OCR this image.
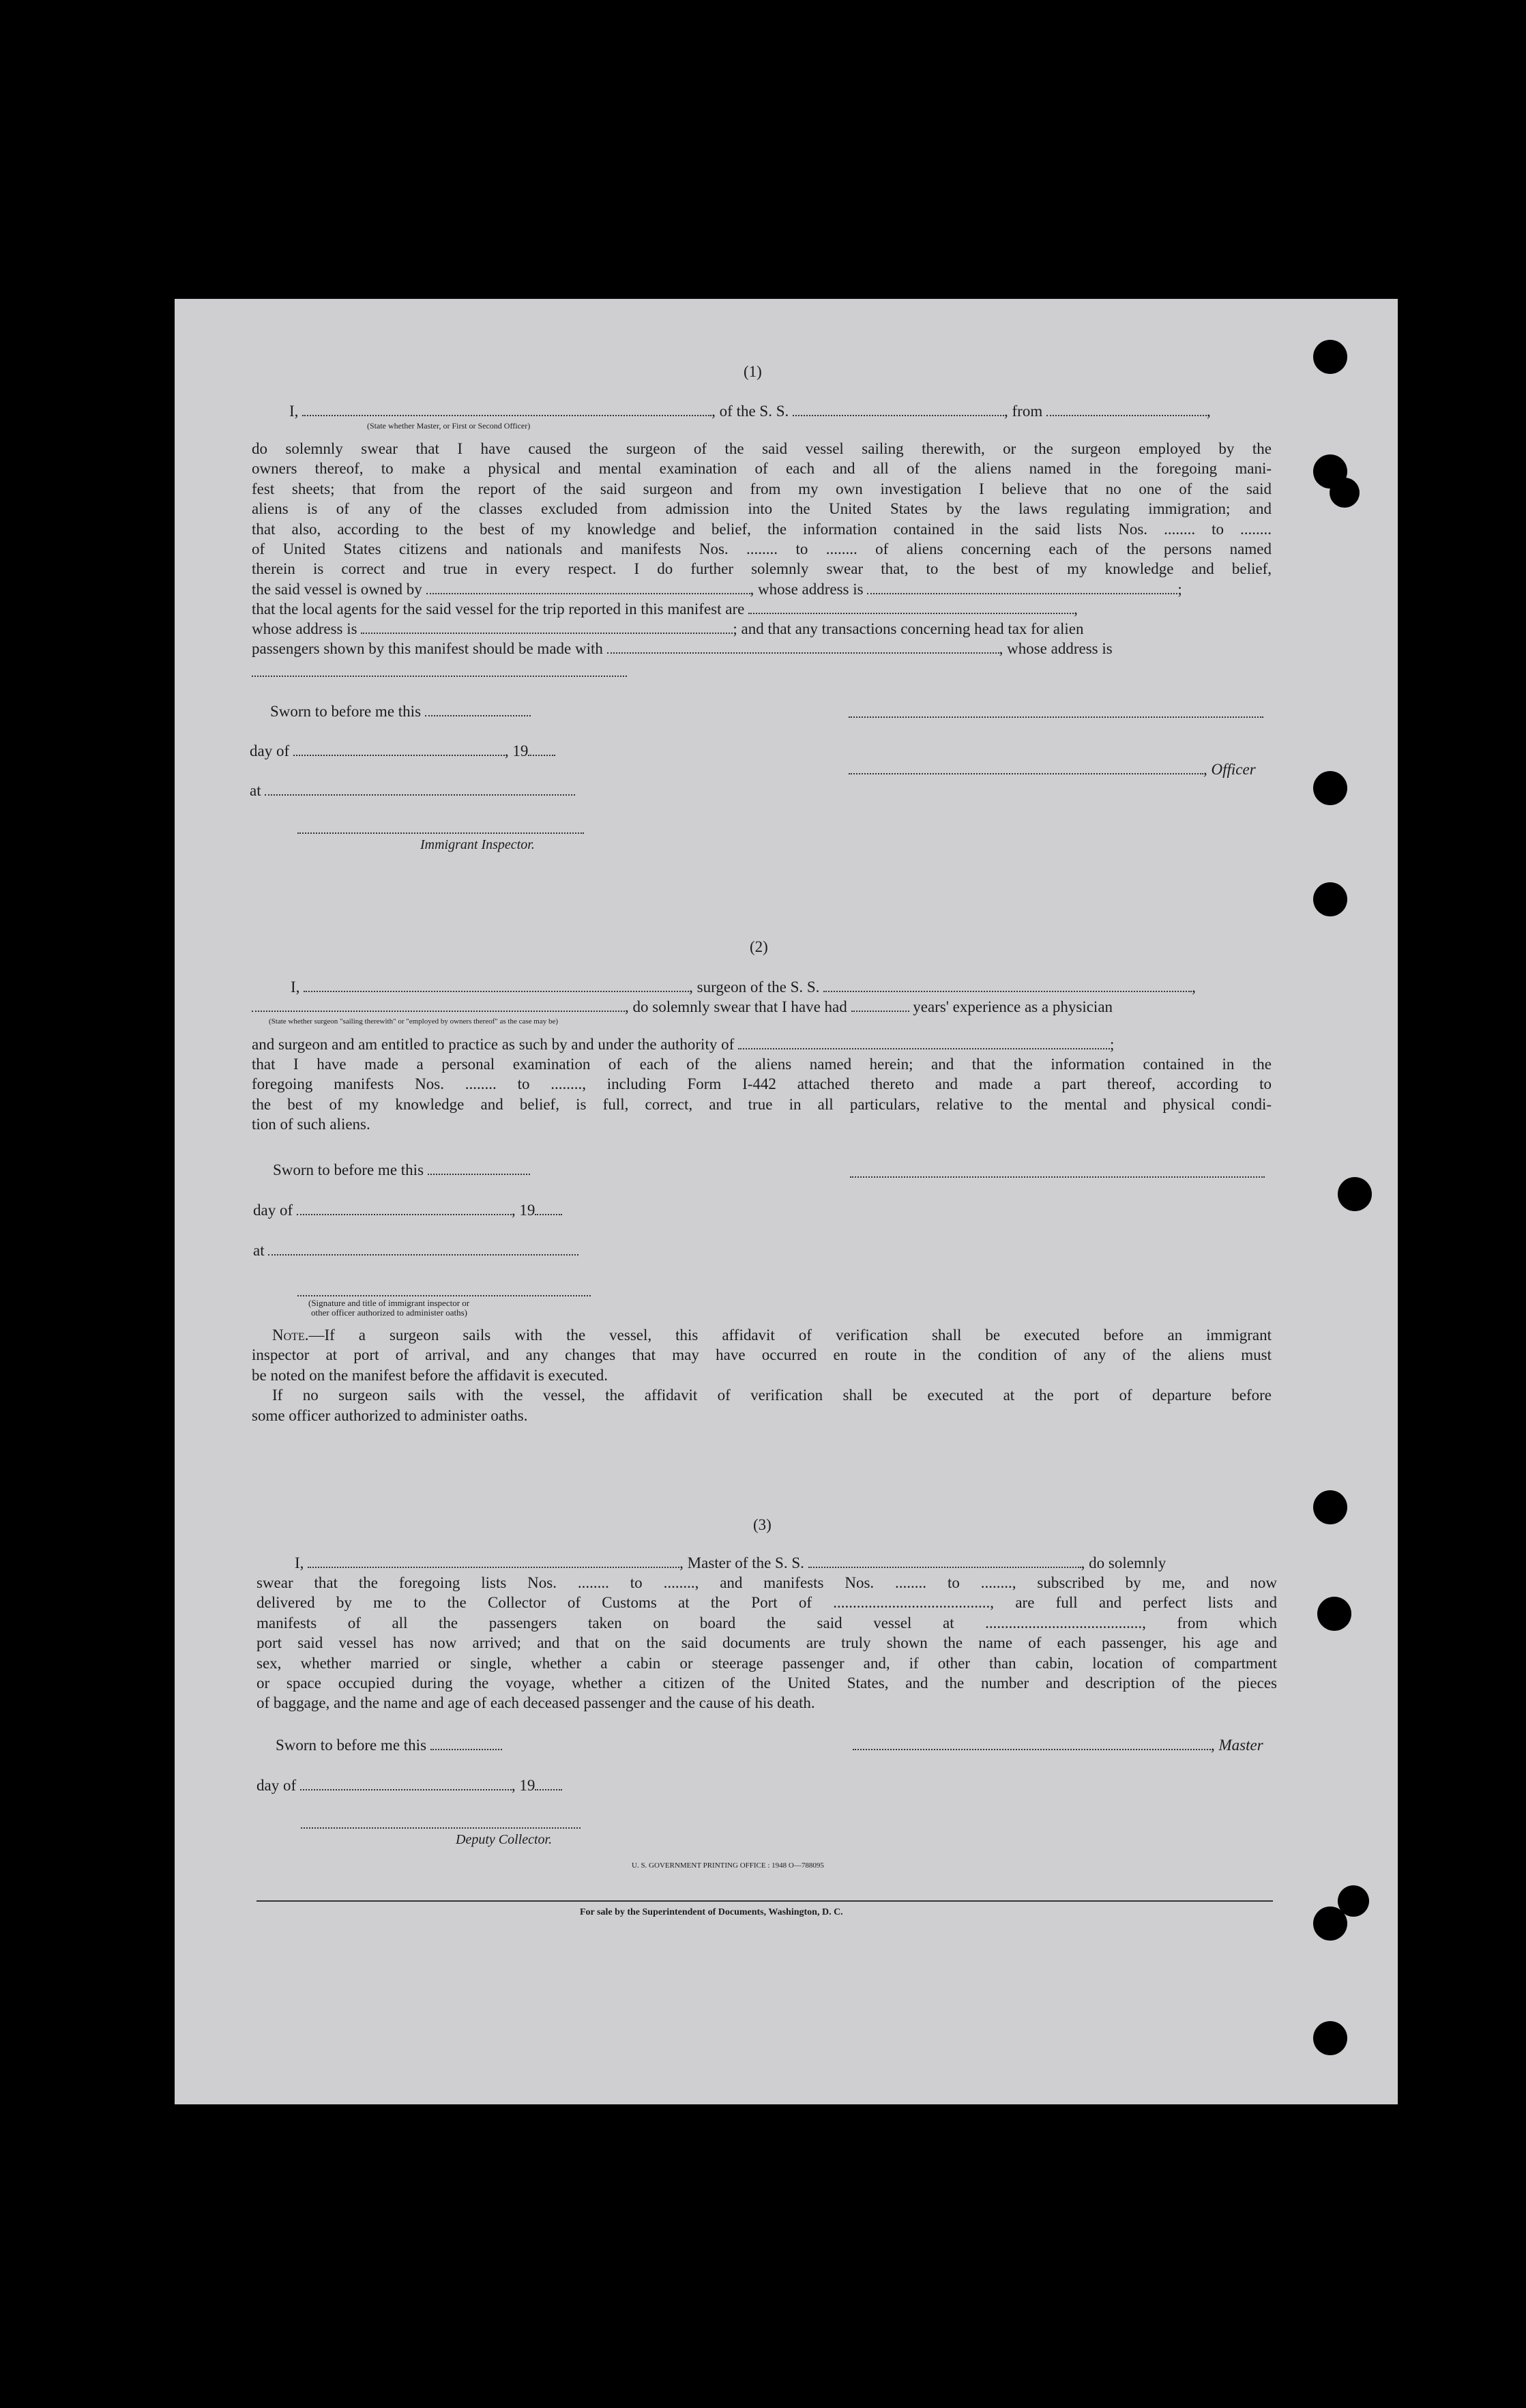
(1)
I,	, of the S. S.	, from	,
(State whether Master, or First or Second Officer)
do solemnly swear that I have caused the surgeon of the said vessel sailing therewith, or the surgeon employed by the
owners thereof, to make a physical and mental examination of each and all of the aliens named in the foregoing mani-
fest sheets; that from the report of the said surgeon and from my own investigation I believe that no one of the said
aliens is of any of the classes excluded from admission into the United States by the laws regulating immigration; and
that also, according to the best of my knowledge and belief, the information contained in the said lists Nos. ........ to ........
of United States citizens and nationals and manifests Nos. ........ to ........ of aliens concerning each of the persons named
therein is correct and true in every respect. I do further solemnly swear that, to the best of my knowledge and belief,
the said vessel is owned by	, whose address is	;
that the local agents for the said vessel for the trip reported in this manifest are	,
whose address is	; and that any transactions concerning head tax for alien
passengers shown by this manifest should be made with	, whose address is
Sworn to before me this
day of	, 19
, Officer
at
Immigrant Inspector.
(2)
I,	, surgeon of the S. S.	,
, do solemnly swear that I have had	years' experience as a physician
(State whether surgeon "sailing therewith" or "employed by owners thereof" as the case may be)
and surgeon and am entitled to practice as such by and under the authority of	;
that I have made a personal examination of each of the aliens named herein; and that the information contained in the
foregoing manifests Nos. ........ to ........, including Form I-442 attached thereto and made a part thereof, according to
the best of my knowledge and belief, is full, correct, and true in all particulars, relative to the mental and physical condi-
tion of such aliens.
Sworn to before me this
day of	, 19
at
(Signature and title of immigrant inspector or
other officer authorized to administer oaths)
Note.—If a surgeon sails with the vessel, this affidavit of verification shall be executed before an immigrant
inspector at port of arrival, and any changes that may have occurred en route in the condition of any of the aliens must
be noted on the manifest before the affidavit is executed.
If no surgeon sails with the vessel, the affidavit of verification shall be executed at the port of departure before
some officer authorized to administer oaths.
(3)
I,	, Master of the S. S.	, do solemnly
swear that the foregoing lists Nos. ........ to ........, and manifests Nos. ........ to ........, subscribed by me, and now
delivered by me to the Collector of Customs at the Port of ........................................, are full and perfect lists and
manifests of all the passengers taken on board the said vessel at ........................................, from which
port said vessel has now arrived; and that on the said documents are truly shown the name of each passenger, his age and
sex, whether married or single, whether a cabin or steerage passenger and, if other than cabin, location of compartment
or space occupied during the voyage, whether a citizen of the United States, and the number and description of the pieces
of baggage, and the name and age of each deceased passenger and the cause of his death.
Sworn to before me this	, Master
day of	, 19
Deputy Collector.
U. S. GOVERNMENT PRINTING OFFICE : 1948 O—788095
For sale by the Superintendent of Documents, Washington, D. C.
